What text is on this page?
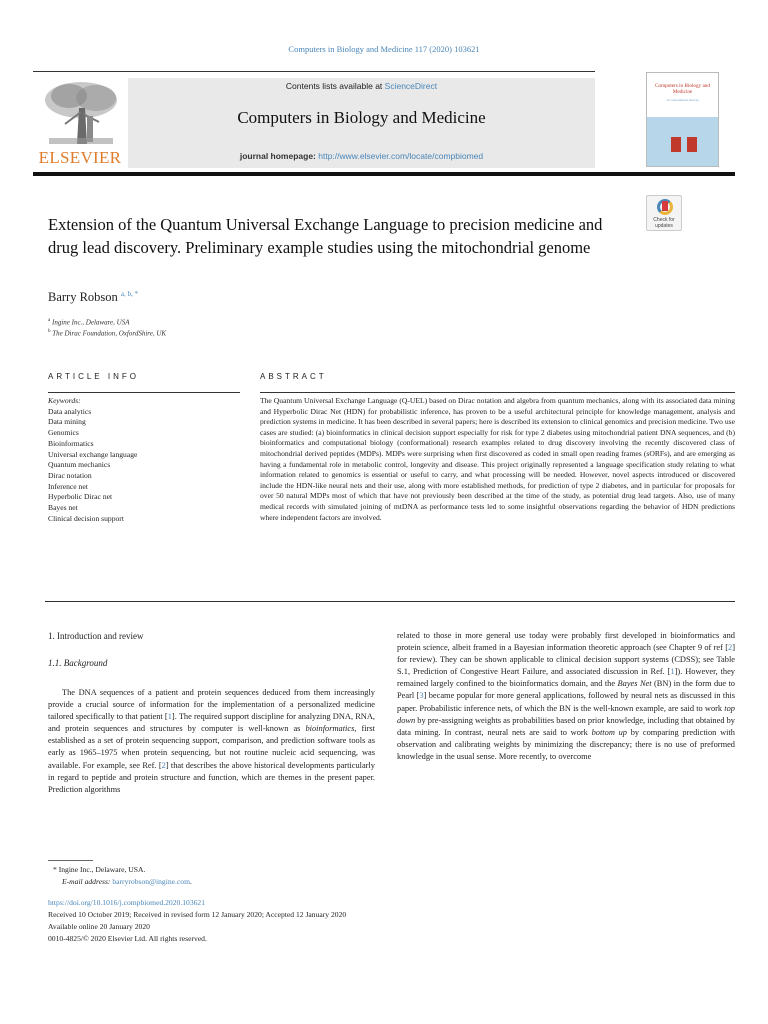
Computers in Biology and Medicine 117 (2020) 103621
ELSEVIER
Contents lists available at ScienceDirect
Computers in Biology and Medicine
journal homepage: http://www.elsevier.com/locate/compbiomed
Computers in Biology and Medicine
An International Journal
Check for
updates
Extension of the Quantum Universal Exchange Language to precision medicine and drug lead discovery. Preliminary example studies using the mitochondrial genome
Barry Robson $^{a, b, *}$
$^a$ Ingine Inc., Delaware, USA
$^b$ The Dirac Foundation, OxfordShire, UK
ARTICLE INFO	ABSTRACT
Keywords:
Data analytics
Data mining
Genomics
Bioinformatics
Universal exchange language
Quantum mechanics
Dirac notation
Inference net
Hyperbolic Dirac net
Bayes net
Clinical decision support
The Quantum Universal Exchange Language (Q-UEL) based on Dirac notation and algebra from quantum mechanics, along with its associated data mining and Hyperbolic Dirac Net (HDN) for probabilistic inference, has proven to be a useful architectural principle for knowledge management, analysis and prediction systems in medicine. It has been described in several papers; here is described its extension to clinical genomics and precision medicine. Two use cases are studied: (a) bioinformatics in clinical decision support especially for risk for type 2 diabetes using mitochondrial patient DNA sequences, and (b) bioinformatics and computational biology (conformational) research examples related to drug discovery involving the recently discovered class of mitochondrial derived peptides (MDPs). MDPs were surprising when first discovered as coded in small open reading frames (sORFs), and are emerging as having a fundamental role in metabolic control, longevity and disease. This project originally represented a language specification study relating to what information related to genomics is essential or useful to carry, and what processing will be needed. However, novel aspects introduced or discovered include the HDN-like neural nets and their use, along with more established methods, for prediction of type 2 diabetes, and in particular for proposals for over 50 natural MDPs most of which that have not previously been described at the time of the study, as potential drug lead targets. Also, use of many medical records with simulated joining of mtDNA as performance tests led to some insightful observations regarding the behavior of HDN predictions where independent factors are involved.
1. Introduction and review
1.1. Background
The DNA sequences of a patient and protein sequences deduced from them increasingly provide a crucial source of information for the implementation of a personalized medicine tailored specifically to that patient [1]. The required support discipline for analyzing DNA, RNA, and protein sequences and structures by computer is well-known as bioinformatics, first established as a set of protein sequencing support, comparison, and prediction software tools as early as 1965–1975 when protein sequencing, but not routine nucleic acid sequencing, was available. For example, see Ref. [2] that describes the above historical developments particularly in regard to peptide and protein structure and function, which are themes in the present paper. Prediction algorithms
related to those in more general use today were probably first developed in bioinformatics and protein science, albeit framed in a Bayesian information theoretic approach (see Chapter 9 of ref [2] for review). They can be shown applicable to clinical decision support systems (CDSS); see Table S.1, Prediction of Congestive Heart Failure, and associated discussion in Ref. [1]). However, they remained largely confined to the bioinformatics domain, and the Bayes Net (BN) in the form due to Pearl [3] became popular for more general applications, followed by neural nets as discussed in this paper. Probabilistic inference nets, of which the BN is the well-known example, are said to work top down by pre-assigning weights as probabilities based on prior knowledge, including that obtained by data mining. In contrast, neural nets are said to work bottom up by comparing prediction with observation and calibrating weights by minimizing the discrepancy; there is no use of preformed knowledge in the usual sense. More recently, to overcome
* Ingine Inc., Delaware, USA.
E-mail address: barryrobson@ingine.com.
https://doi.org/10.1016/j.compbiomed.2020.103621
Received 10 October 2019; Received in revised form 12 January 2020; Accepted 12 January 2020
Available online 20 January 2020
0010-4825/© 2020 Elsevier Ltd. All rights reserved.
